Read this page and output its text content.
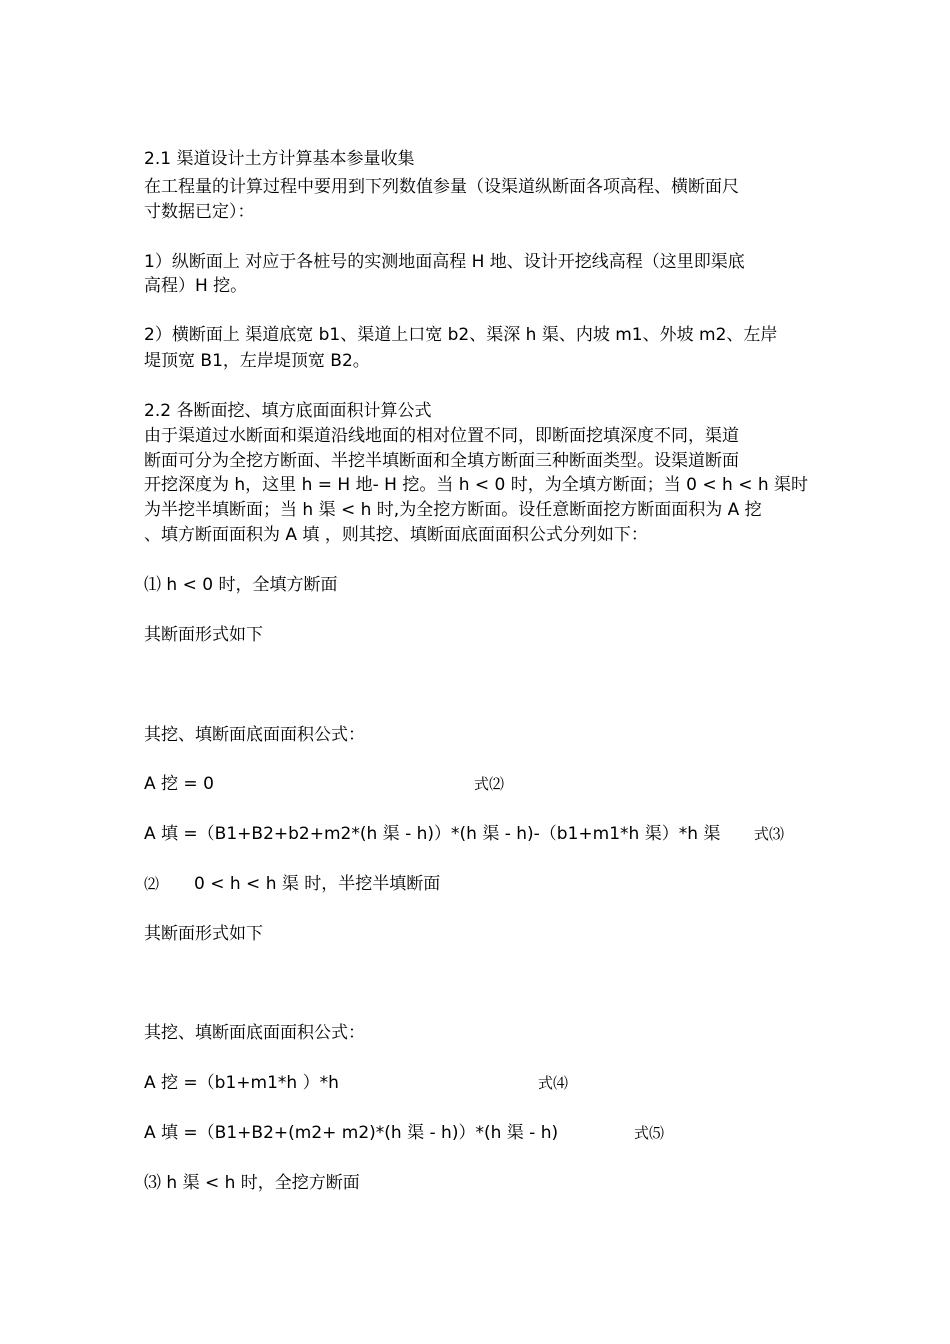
2.1 渠道设计土方计算基本参量收集

在工程量的计算过程中要用到下列数值参量（设渠道纵断面各项高程、横断面尺

寸数据已定）：

1）纵断面上 对应于各桩号的实测地面高程 H 地、设计开挖线高程（这里即渠底

高程）H 挖。

2）横断面上 渠道底宽 b1、渠道上口宽 b2、渠深 h 渠、内坡 m1、外坡 m2、左岸

堤顶宽 B1，左岸堤顶宽 B2。

2.2 各断面挖、填方底面面积计算公式

由于渠道过水断面和渠道沿线地面的相对位置不同，即断面挖填深度不同，渠道

断面可分为全挖方断面、半挖半填断面和全填方断面三种断面类型。设渠道断面

开挖深度为 h，这里 h = H 地- H 挖。当 h < 0 时，为全填方断面；当 0 < h < h 渠时

为半挖半填断面；当 h 渠 < h 时,为全挖方断面。设任意断面挖方断面面积为 A 挖

、填方断面面积为 A 填 ，则其挖、填断面底面面积公式分列如下：

⑴ h < 0 时，全填方断面

其断面形式如下

其挖、填断面底面面积公式：

A 挖 = 0	式⑵

A 填 =（B1+B2+b2+m2*(h 渠 - h)）*(h 渠 - h)-（b1+m1*h 渠）*h 渠 式⑶
⑵ 0 < h < h 渠 时，半挖半填断面

其断面形式如下

其挖、填断面底面面积公式：

A 挖 =（b1+m1*h ）*h	式⑷

A 填 =（B1+B2+(m2+ m2)*(h 渠 - h)）*(h 渠 - h)	式⑸

⑶ h 渠 < h 时，全挖方断面
